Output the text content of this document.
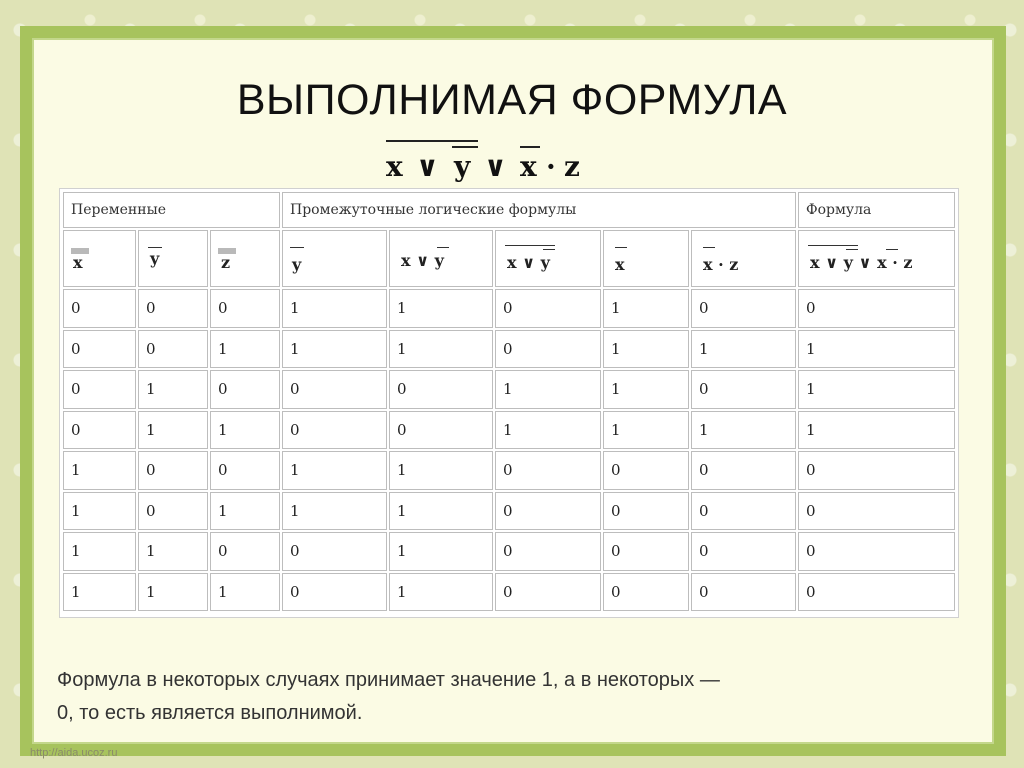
ВЫПОЛНИМАЯ ФОРМУЛА
x ∨ y ∨ x · z
Переменные			Промежуточные логические формулы					Формула

x	y	z	y	x ∨ y	x ∨ y	x	x · z	x ∨ y ∨ x · z

0	0	0	1	1	0	1	0	0
0	0	1	1	1	0	1	1	1
0	1	0	0	0	1	1	0	1
0	1	1	0	0	1	1	1	1
1	0	0	1	1	0	0	0	0
1	0	1	1	1	0	0	0	0
1	1	0	0	1	0	0	0	0
1	1	1	0	1	0	0	0	0
Формула в некоторых случаях принимает значение 1, а в некоторых —
0, то есть является выполнимой.
http://aida.ucoz.ru
